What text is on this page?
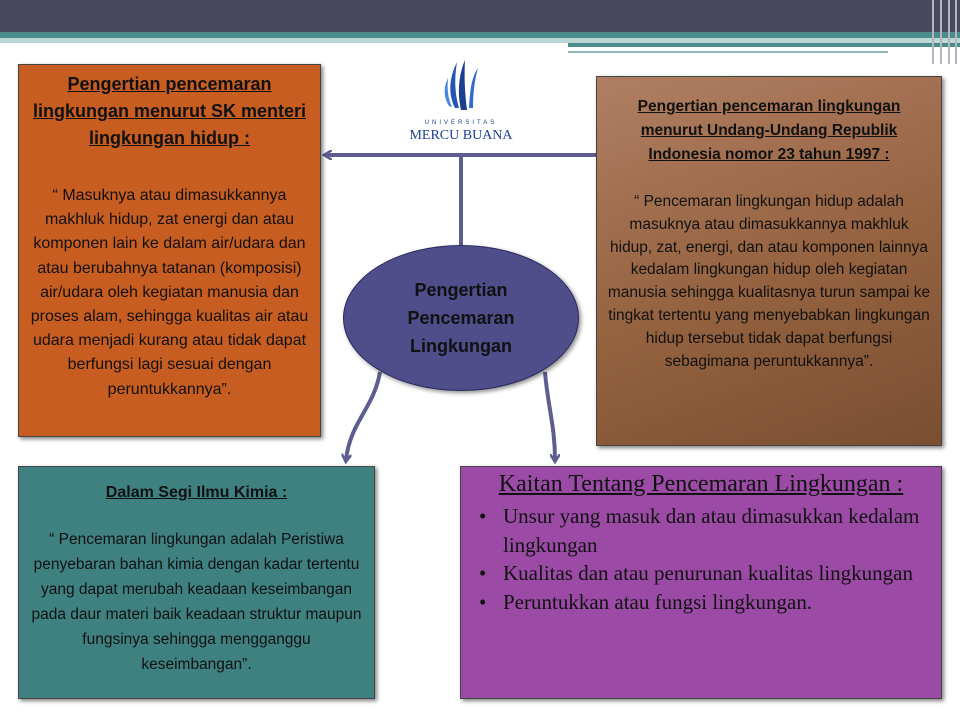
UNIVERSITAS
MERCU BUANA

Pengertian pencemaran lingkungan menurut SK menteri lingkungan hidup :

“ Masuknya atau dimasukkannya makhluk hidup, zat energi dan atau komponen lain ke dalam air/udara dan atau berubahnya tatanan (komposisi) air/udara oleh kegiatan manusia dan proses alam, sehingga kualitas air atau udara menjadi kurang atau tidak dapat berfungsi lagi sesuai dengan peruntukkannya”.

Pengertian pencemaran lingkungan menurut Undang-Undang Republik Indonesia nomor 23 tahun 1997 :

“ Pencemaran lingkungan hidup adalah masuknya atau dimasukkannya makhluk hidup, zat, energi, dan atau komponen lainnya kedalam lingkungan hidup oleh kegiatan manusia sehingga kualitasnya turun sampai ke tingkat tertentu yang menyebabkan lingkungan hidup tersebut tidak dapat berfungsi sebagimana peruntukkannya”.

Pengertian
Pencemaran
Lingkungan

Dalam Segi Ilmu Kimia :

“ Pencemaran lingkungan adalah Peristiwa penyebaran bahan kimia dengan kadar tertentu yang dapat merubah keadaan keseimbangan pada daur materi baik keadaan struktur maupun fungsinya sehingga mengganggu keseimbangan”.

Kaitan Tentang Pencemaran Lingkungan :

• Unsur yang masuk dan atau dimasukkan kedalam lingkungan
• Kualitas dan atau penurunan kualitas lingkungan
• Peruntukkan atau fungsi lingkungan.
